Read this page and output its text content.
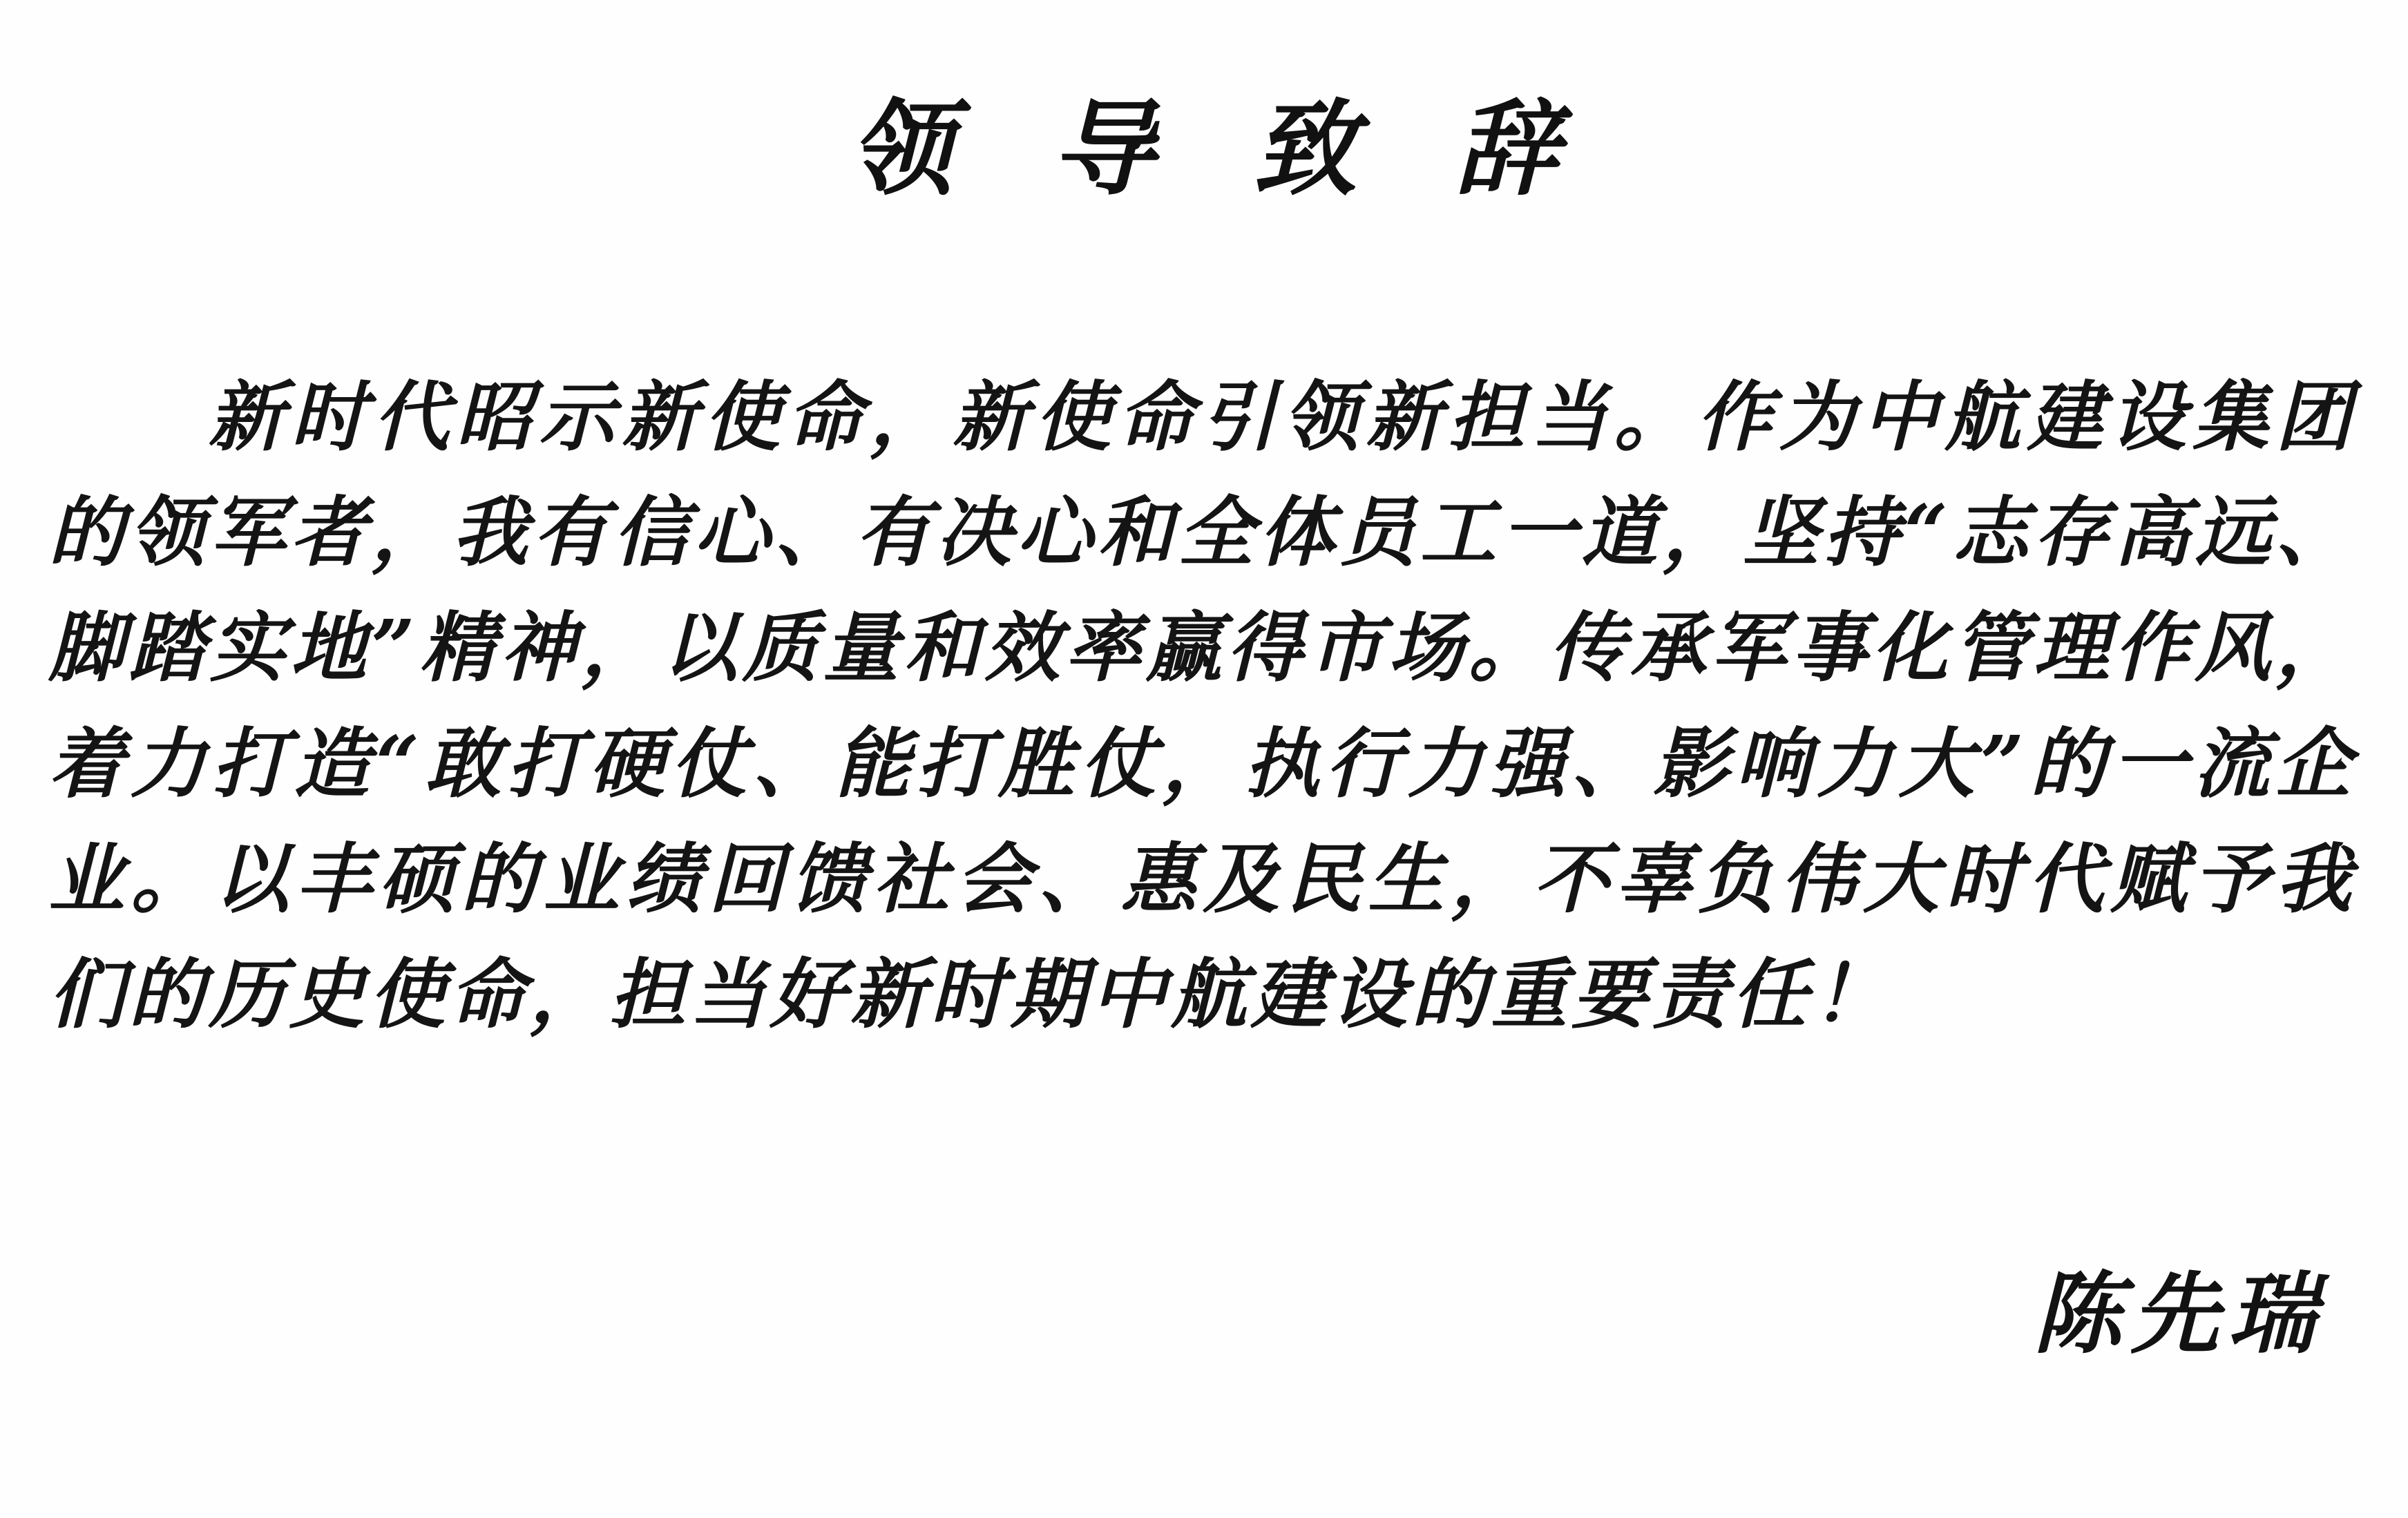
领 导 致 辞
新时代昭示新使命，新使命引领新担当。作为中航建设集团的领军者，我有信心、有决心和全体员工一道，坚持“志存高远、脚踏实地”精神，以质量和效率赢得市场。传承军事化管理作风，着力打造“敢打硬仗、能打胜仗，执行力强、影响力大”的一流企业。以丰硕的业绩回馈社会、惠及民生，不辜负伟大时代赋予我们的历史使命，担当好新时期中航建设的重要责任！
陈先瑞
